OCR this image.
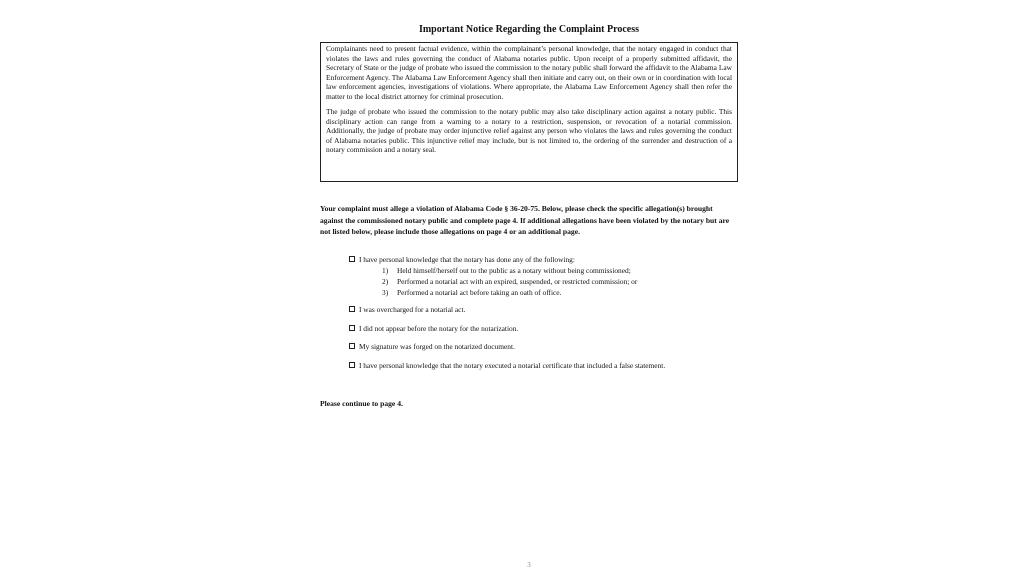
Important Notice Regarding the Complaint Process

Complainants need to present factual evidence, within the complainant’s personal knowledge, that the notary engaged in conduct that violates the laws and rules governing the conduct of Alabama notaries public. Upon receipt of a properly submitted affidavit, the Secretary of State or the judge of probate who issued the commission to the notary public shall forward the affidavit to the Alabama Law Enforcement Agency. The Alabama Law Enforcement Agency shall then initiate and carry out, on their own or in coordination with local law enforcement agencies, investigations of violations. Where appropriate, the Alabama Law Enforcement Agency shall then refer the matter to the local district attorney for criminal prosecution.

The judge of probate who issued the commission to the notary public may also take disciplinary action against a notary public. This disciplinary action can range from a warning to a notary to a restriction, suspension, or revocation of a notarial commission. Additionally, the judge of probate may order injunctive relief against any person who violates the laws and rules governing the conduct of Alabama notaries public. This injunctive relief may include, but is not limited to, the ordering of the surrender and destruction of a notary commission and a notary seal.

Your complaint must allege a violation of Alabama Code § 36-20-75. Below, please check the specific allegation(s) brought against the commissioned notary public and complete page 4. If additional allegations have been violated by the notary but are not listed below, please include those allegations on page 4 or an additional page.
I have personal knowledge that the notary has done any of the following:
1) Held himself/herself out to the public as a notary without being commissioned;
2) Performed a notarial act with an expired, suspended, or restricted commission; or
3) Performed a notarial act before taking an oath of office.
I was overcharged for a notarial act.
I did not appear before the notary for the notarization.
My signature was forged on the notarized document.
I have personal knowledge that the notary executed a notarial certificate that included a false statement.
Please continue to page 4.
3
